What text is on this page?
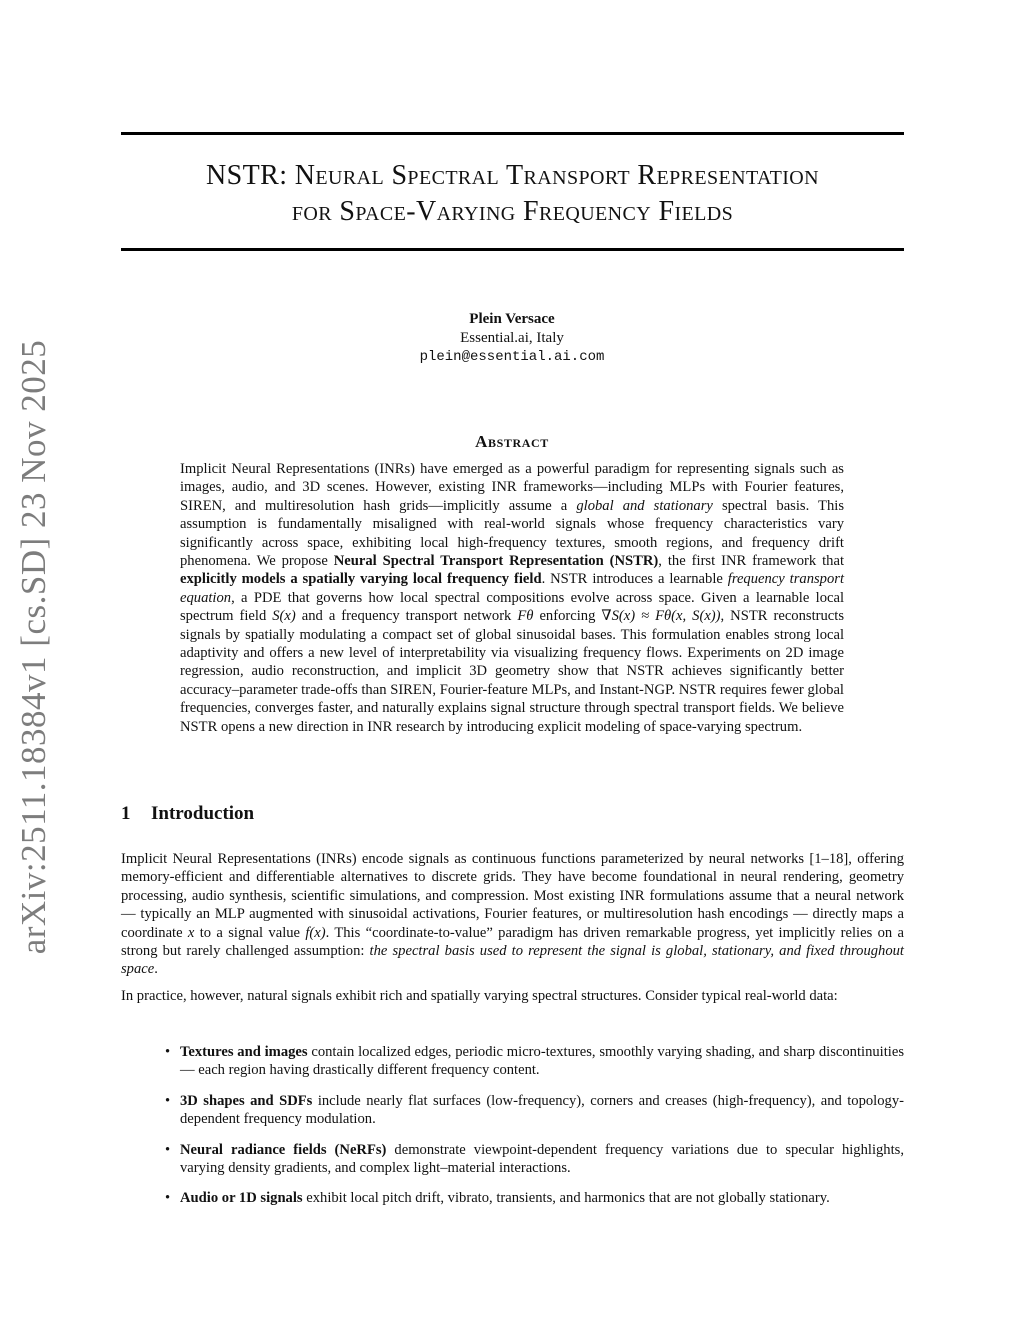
arXiv:2511.18384v1 [cs.SD] 23 Nov 2025
NSTR: Neural Spectral Transport Representation
for Space-Varying Frequency Fields
Plein Versace
Essential.ai, Italy
plein@essential.ai.com
Abstract
Implicit Neural Representations (INRs) have emerged as a powerful paradigm for representing signals such as images, audio, and 3D scenes. However, existing INR frameworks—including MLPs with Fourier features, SIREN, and multiresolution hash grids—implicitly assume a global and stationary spectral basis. This assumption is fundamentally misaligned with real-world signals whose frequency characteristics vary significantly across space, exhibiting local high-frequency textures, smooth regions, and frequency drift phenomena. We propose Neural Spectral Transport Representation (NSTR), the first INR framework that explicitly models a spatially varying local frequency field. NSTR introduces a learnable frequency transport equation, a PDE that governs how local spectral compositions evolve across space. Given a learnable local spectrum field S(x) and a frequency transport network Fθ enforcing ∇S(x) ≈ Fθ(x, S(x)), NSTR reconstructs signals by spatially modulating a compact set of global sinusoidal bases. This formulation enables strong local adaptivity and offers a new level of interpretability via visualizing frequency flows. Experiments on 2D image regression, audio reconstruction, and implicit 3D geometry show that NSTR achieves significantly better accuracy–parameter trade-offs than SIREN, Fourier-feature MLPs, and Instant-NGP. NSTR requires fewer global frequencies, converges faster, and naturally explains signal structure through spectral transport fields. We believe NSTR opens a new direction in INR research by introducing explicit modeling of space-varying spectrum.
1 Introduction
Implicit Neural Representations (INRs) encode signals as continuous functions parameterized by neural networks [1–18], offering memory-efficient and differentiable alternatives to discrete grids. They have become foundational in neural rendering, geometry processing, audio synthesis, scientific simulations, and compression. Most existing INR formulations assume that a neural network — typically an MLP augmented with sinusoidal activations, Fourier features, or multiresolution hash encodings — directly maps a coordinate x to a signal value f(x). This “coordinate-to-value” paradigm has driven remarkable progress, yet implicitly relies on a strong but rarely challenged assumption: the spectral basis used to represent the signal is global, stationary, and fixed throughout space.
In practice, however, natural signals exhibit rich and spatially varying spectral structures. Consider typical real-world data:
• Textures and images contain localized edges, periodic micro-textures, smoothly varying shading, and sharp discontinuities — each region having drastically different frequency content.
• 3D shapes and SDFs include nearly flat surfaces (low-frequency), corners and creases (high-frequency), and topology-dependent frequency modulation.
• Neural radiance fields (NeRFs) demonstrate viewpoint-dependent frequency variations due to specular highlights, varying density gradients, and complex light–material interactions.
• Audio or 1D signals exhibit local pitch drift, vibrato, transients, and harmonics that are not globally stationary.
